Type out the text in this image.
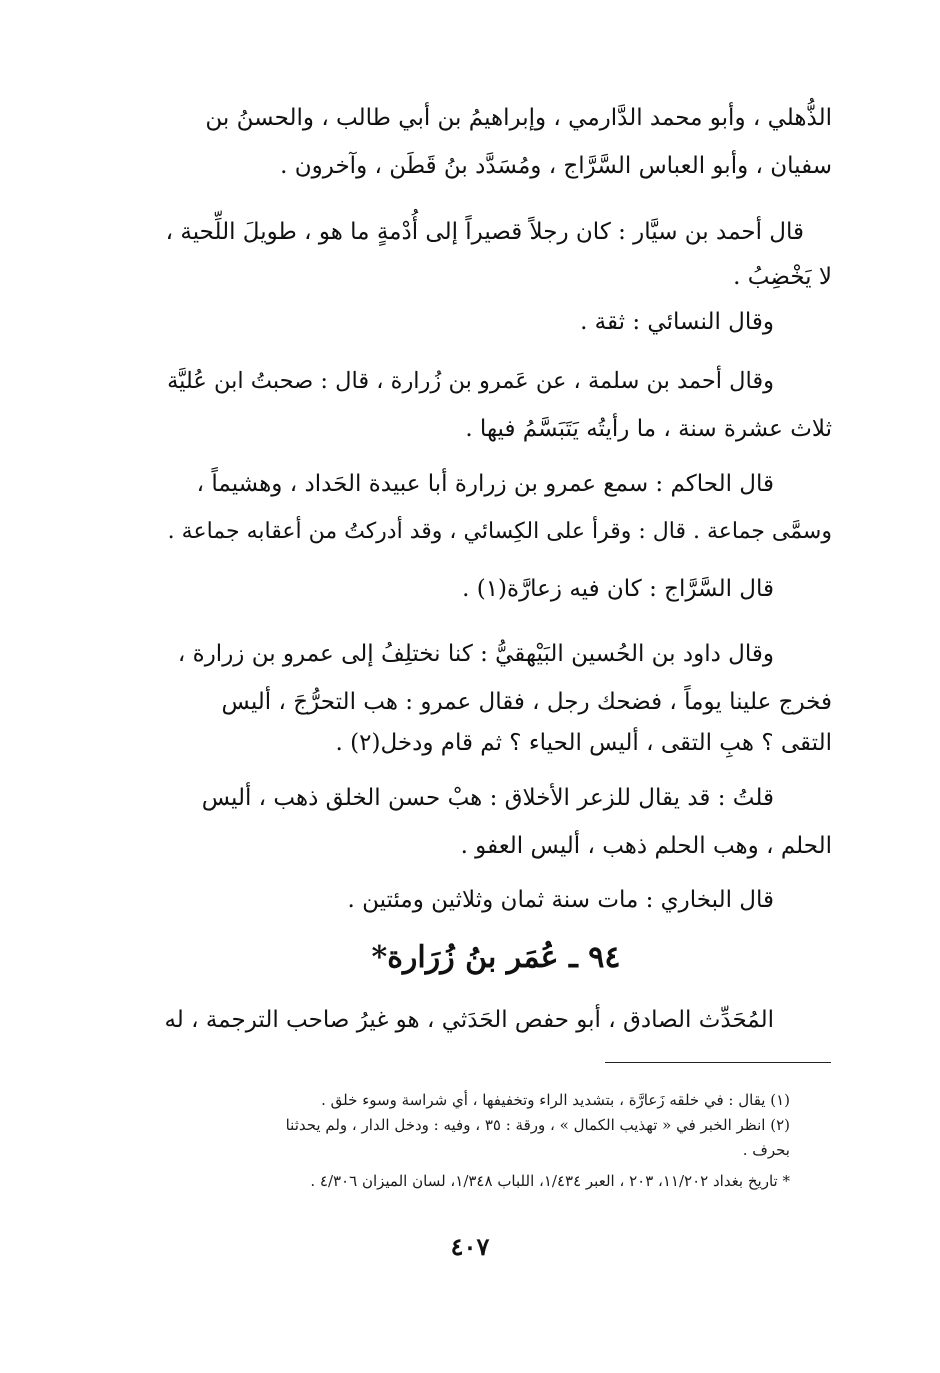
الذُّهلي ، وأبو محمد الدَّارمي ، وإبراهيمُ بن أبي طالب ، والحسنُ بن
سفيان ، وأبو العباس السَّرَّاج ، ومُسَدَّد بنُ قَطَن ، وآخرون .
قال أحمد بن سيَّار : كان رجلاً قصيراً إلى أُدْمةٍ ما هو ، طويلَ اللِّحية ،
لا يَخْضِبُ .
وقال النسائي : ثقة .
وقال أحمد بن سلمة ، عن عَمرو بن زُرارة ، قال : صحبتُ ابن عُليَّة
ثلاث عشرة سنة ، ما رأيتُه يَتَبَسَّمُ فيها .
قال الحاكم : سمع عمرو بن زرارة أبا عبيدة الحَداد ، وهشيماً ،
وسمَّى جماعة . قال : وقرأ على الكِسائي ، وقد أدركتُ من أعقابه جماعة .
قال السَّرَّاج : كان فيه زعارَّة(١) .
وقال داود بن الحُسين البَيْهقيُّ : كنا نختلِفُ إلى عمرو بن زرارة ،
فخرج علينا يوماً ، فضحك رجل ، فقال عمرو : هب التحرُّجَ ، أليس
التقى ؟ هبِ التقى ، أليس الحياء ؟ ثم قام ودخل(٢) .
قلتُ : قد يقال للزعر الأخلاق : هبْ حسن الخلق ذهب ، أليس
الحلم ، وهب الحلم ذهب ، أليس العفو .
قال البخاري : مات سنة ثمان وثلاثين ومئتين .
٩٤ ـ عُمَر بنُ زُرَارة*
المُحَدِّث الصادق ، أبو حفص الحَدَثي ، هو غيرُ صاحب الترجمة ، له
(١) يقال : في خلقه زَعارَّة ، بتشديد الراء وتخفيفها ، أي شراسة وسوء خلق .
(٢) انظر الخبر في « تهذيب الكمال » ، ورقة : ٣٥ ، وفيه : ودخل الدار ، ولم يحدثنا
بحرف .
* تاريخ بغداد ١١/٢٠٢، ٢٠٣ ، العبر ١/٤٣٤، اللباب ١/٣٤٨، لسان الميزان ٤/٣٠٦ .
٤٠٧
